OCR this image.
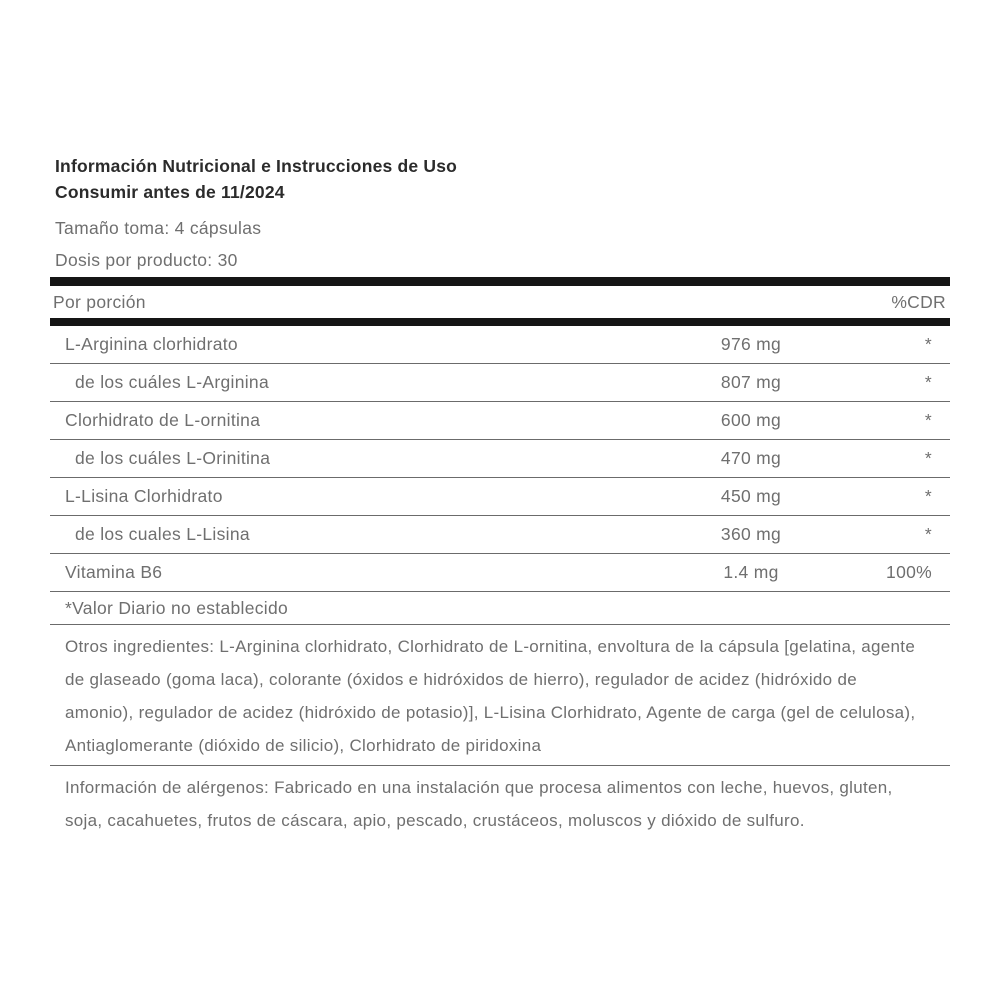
Información Nutricional e Instrucciones de Uso

Consumir antes de 11/2024

Tamaño toma: 4 cápsulas

Dosis por producto: 30

Por porción	%CDR
L-Arginina clorhidrato	976 mg	*
de los cuáles L-Arginina	807 mg	*
Clorhidrato de L-ornitina	600 mg	*
de los cuáles L-Orinitina	470 mg	*
L-Lisina Clorhidrato	450 mg	*
de los cuales L-Lisina	360 mg	*
Vitamina B6	1.4 mg	100%
*Valor Diario no establecido
Otros ingredientes: L-Arginina clorhidrato, Clorhidrato de L-ornitina, envoltura de la cápsula [gelatina, agente de glaseado (goma laca), colorante (óxidos e hidróxidos de hierro), regulador de acidez (hidróxido de amonio), regulador de acidez (hidróxido de potasio)], L-Lisina Clorhidrato, Agente de carga (gel de celulosa), Antiaglomerante (dióxido de silicio), Clorhidrato de piridoxina
Información de alérgenos: Fabricado en una instalación que procesa alimentos con leche, huevos, gluten, soja, cacahuetes, frutos de cáscara, apio, pescado, crustáceos, moluscos y dióxido de sulfuro.
